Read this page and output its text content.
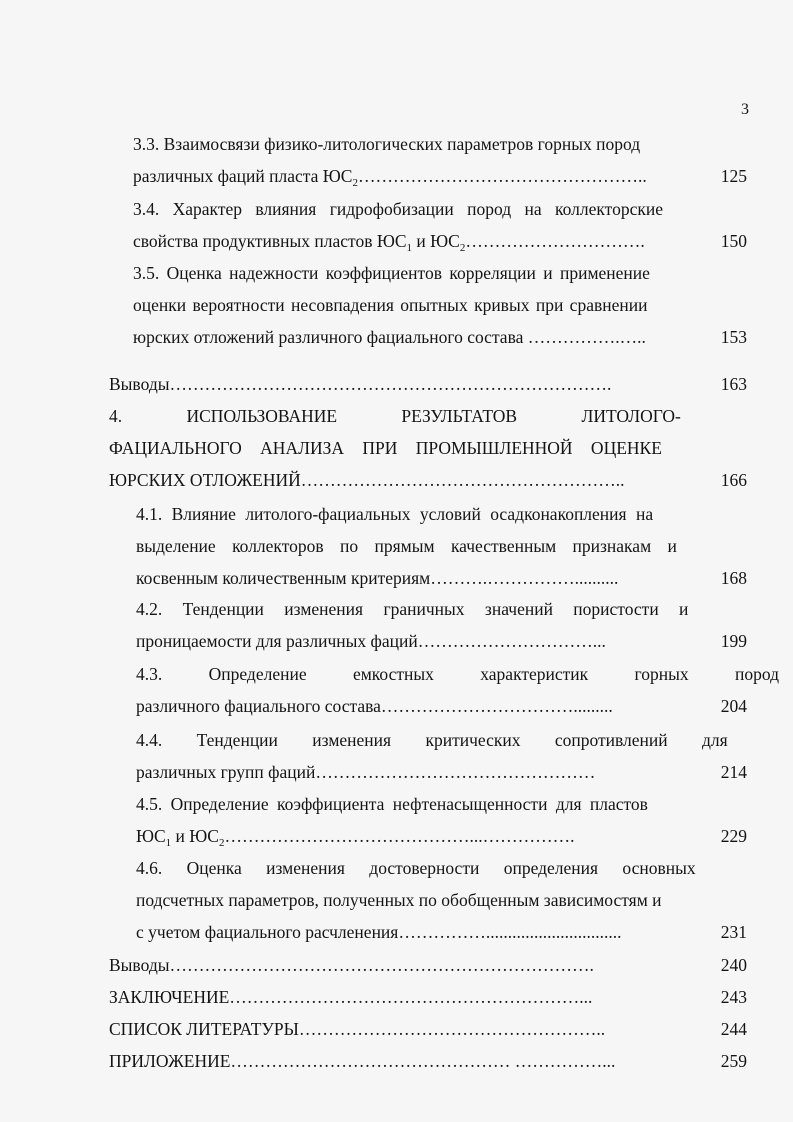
3
3.3. Взаимосвязи физико-литологических параметров горных пород
различных фаций пласта $ЮС_2\dots\dots\dots\dots\dots\dots\dots\dots\dots\dots\dots\dots\dots\dots\dots\dots$..	125
3.4. Характер влияния гидрофобизации пород на коллекторские
свойства продуктивных пластов $ЮС_1$ и $ЮС_2\dots\dots\dots\dots\dots\dots\dots\dots\dots\dots$.	150
3.5. Оценка надежности коэффициентов корреляции и применение
оценки вероятности несовпадения опытных кривых при сравнении
юрских отложений различного фациального состава …………….…..	153
Выводы………………………………………………………………….	163
4. ИСПОЛЬЗОВАНИЕ РЕЗУЛЬТАТОВ ЛИТОЛОГО-
ФАЦИАЛЬНОГО АНАЛИЗА ПРИ ПРОМЫШЛЕННОЙ ОЦЕНКЕ
ЮРСКИХ ОТЛОЖЕНИЙ………………………………………………..	166
4.1. Влияние литолого-фациальных условий осадконакопления на
выделение коллекторов по прямым качественным признакам и
косвенным количественным критериям……….……………..........	168
4.2. Тенденции изменения граничных значений пористости и
проницаемости для различных фаций…………………………...	199
4.3. Определение емкостных характеристик горных пород
различного фациального состава…………………………….........	204
4.4. Тенденции изменения критических сопротивлений для
различных групп фаций…………………………………………	214
4.5. Определение коэффициента нефтенасыщенности для пластов
$ЮС_1$ и $ЮС_2\dots\dots\dots\dots\dots\dots\dots\dots\dots\dots\dots\dots\dots\dots...\dots\dots\dots\dots\dots$.	229
4.6. Оценка изменения достоверности определения основных
подсчетных параметров, полученных по обобщенным зависимостям и
с учетом фациального расчленения……………...............................	231
Выводы……………………………………………………………….	240
ЗАКЛЮЧЕНИЕ……………………………………………………...	243
СПИСОК ЛИТЕРАТУРЫ……………………………………………..	244
ПРИЛОЖЕНИЕ………………………………………… ……………...	259
